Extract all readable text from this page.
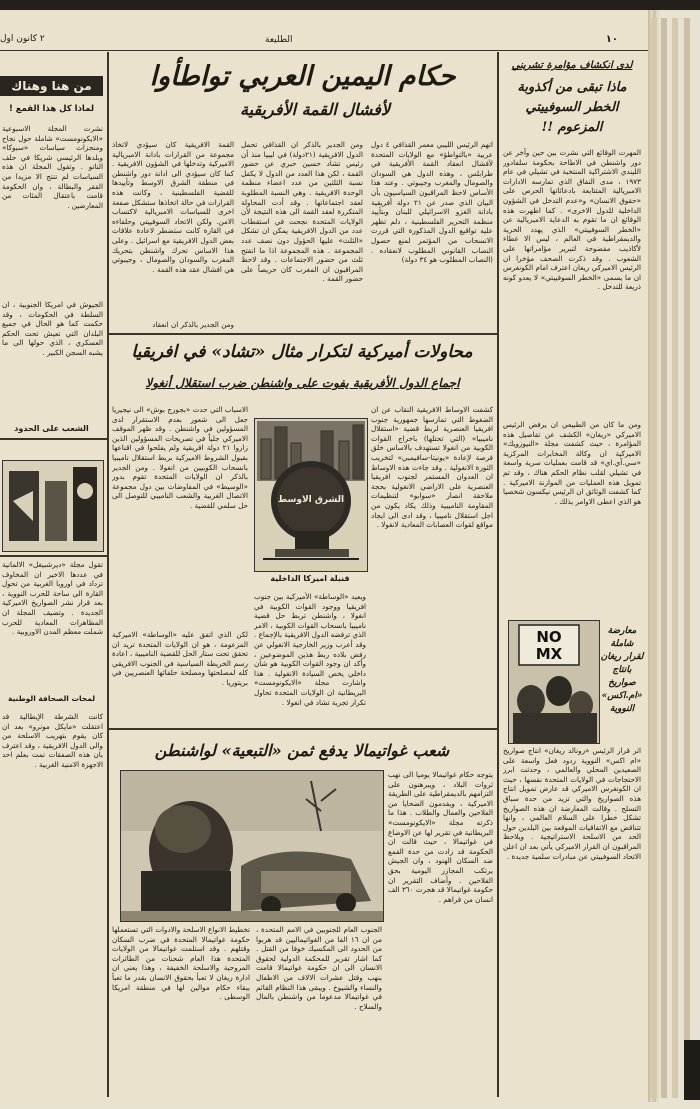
١٠
الطليعة
٢ كانون اول
حكام اليمين العربي تواطأوا
لأفشال القمة الأفريقية
اتهم الرئيس الليبي معمر القذافي ٤ دول عربية «بالتواطؤ» مع الولايات المتحدة لأفشال انعقاد القمة الأفريقية في طرابلس ، وهذه الدول هي السودان والصومال والمغرب وجيبوتي . وعند هذا الأساس لاحظ المراقبون السياسيون بأن البيان الذي صدر عن ٢١ دولة أفريقية بادانة الغزو الاسرائيلي للبنان وبتأييد منظمة التحرير الفلسطينية ، دلم تظهر عليه تواقيع الدول المذكورة التي قررت الانسحاب من المؤتمر لمنع حصول النصاب القانوني المطلوب لانعقاده . (النصاب المطلوب هو ٣٤ دولة)
ومن الجدير بالذكر ان القذافي تحمل الدول الافريقية (٢١دولة) في ليبيا منذ أن رئيس تشاد حسين حبري عن حضور القمة ، لكن هذا العدد من الدول لا يكفل نسبة الثلثين من عدد اعضاء منظمة الوحدة الافريقية . وهي النسبة المطلوبة لعقد اجتماعاتها . وقد أدت المحاولة المتكررة لعقد القمة الى هذه النتيجة لأن الولايات المتحدة نجحت في استقطاب عدد من الدول الافريقية يمكن ان تشكل «الثلث» عليها الحؤول دون نصف عدد المجموعة . هذه المجموعة اذا ما انفتح ثلث من حضور الاجتماعات . وقد لاحظ المراقبون ان المغرب كان حريصاً على حضور القمة .
القمة الافريقية كان سيؤدي لاتخاذ مجموعة من القرارات بادانة الامبريالية الاميركية وتدخلها في الشؤون الافريقية . كما كان سيؤدي الى ادانة دور واشنطن في منطقة الشرق الاوسط وتأييدها للقضية الفلسطينية ، وكانت هذه القرارات في حالة اتخاذها ستشكل صفعة اخرى للسياسات الامبريالية لاكتساب الامن. ولكن الاتحاد السوفييتي وحلفاءه في القارة كانت ستضطر لاعادة علاقات بعض الدول الافريقية مع اسرائيل . وعلى هذا الاساس تحرك واشنطن بتحريك المغرب والسودان والصومال ، وجيبوتي هي افشال عقد هذه القمة .
ومن الجدير بالذكر ان انعقاد
محاولات أميركية لتكرار مثال «تشاد» في افريقيا
اجماع الدول الأفريقية يفوت على واشنطن ضرب استقلال أنغولا
كشفت الاوساط الافريقية النقاب عن ان الضغوط التي تمارسها جمهورية جنوب افريقيا العنصرية لربط قضية «استقلال ناميبيا» (التي تحتلها) باخراج القوات الكوبية من انغولا تستهدف بالاساس خلق فرصة لإعادة «يونيتا-سافيمبي» لتخريب الثورة الانغولية . وقد جاءت هذه الاوساط ان العدوان المستمر لجنوب افريقيا العنصرية على الاراضي الانغولية بحجة ملاحقة انصار «سوابو» لتنظيمات المقاومة الناميبية وذلك يكاد يكون من اجل استقلال ناميبيا ، وقد ادى الى ايجاد مواقع لقوات العصابات المعادية لانغولا .
الشرق الاوسط
قنبلة اميركا الداخلية
ويعيد «الوساطة» الأميركية بين جنوب افريقيا ووجود القوات الكوبية في انغولا ، واشنطن تربط حل قضية ناميبيا بانسحاب القوات الكوبية ، الامر الذي ترفضه الدول الافريقية بالإجماع . وقد أعرب وزير الخارجية الانغولي عن رفض بلاده ربط هذين الموضوعين ، وأكد ان وجود القوات الكوبية هو شأن داخلي يخص السيادة الانغولية . هذا واشارت مجلة «الايكونومست» البريطانية ان الولايات المتحدة تحاول تكرار تجربة تشاد في انغولا .
الاسباب التي حدت «بجورج بوش» الى نيجيريا جعل الى شعور بعدم الاستقرار لدى المسؤولين في واشنطن . وقد ظهر الموقف الاميركي جلياً في تصريحات المسؤولين الذين زاروا ٢١ دولة افريقية ولم يفلحوا في اقناعها بقبول الشروط الاميركية بربط استقلال ناميبيا بانسحاب الكوبيين من انغولا . ومن الجدير بالذكر ان الولايات المتحدة تقوم بدور «الوسيط» في المفاوضات بين دول مجموعة الاتصال الغربية والشعب الناميبي للتوصل الى حل سلمي للقضية .
لكن الذي اتفق عليه «الوساطة» الاميركية المزعومة ، هو ان الولايات المتحدة تريد ان تحقق تحت ستار الحل للقضية الناميبية ، اعادة رسم الخريطة السياسية في الجنوب الافريقي كله لمصلحتها ومصلحة حلفائها العنصريين في بريتوريا .
شعب غواتيمالا يدفع ثمن «التبعية» لواشنطن
يتوجه حكام غواتيمالا يوميا الى نهب ثروات البلاد ، ويبرهنون على التزامهم بالديمقراطية على الطريقة الاميركية ، ويقدمون الضحايا من الفلاحين والعمال والطلاب . هذا ما ذكرته مجلة «الايكونومست» البريطانية في تقرير لها عن الاوضاع في غواتيمالا ، حيث قالت ان الحكومة قد زادت من حدة القمع ضد السكان الهنود ، وان الجيش يرتكب المجازر اليومية بحق الفلاحين . وأضاف التقرير ان حكومة غواتيمالا قد هجرت ٣٦٠ الف انسان من قراهم .
الجنوب العام للجنوبين في الامم المتحدة ، من ان ١٦ الفا من الغواتيماليين قد هربوا من الحدود الى المكسيك خوفا من القتل . كما اشار تقرير للمحكمة الدولية لحقوق الانسان الى ان حكومة غواتيمالا قامت بنهب وقتل عشرات الالاف من الاطفال والنساء والشيوخ . ويبقى هذا النظام القائم في غواتيمالا مدعوما من واشنطن بالمال والسلاح .
تخطيط الانواع الاسلحة والادوات التي تستعملها حكومة غواتيمالا المتحدة في ضرب السكان وقتلهم . وقد استلمت غواتيمالا من الولايات المتحدة هذا العام شحنات من الطائرات المروحية والاسلحة الخفيفة ، وهذا يعني ان ادارة ريغان لا تعبأ بحقوق الانسان بقدر ما تعبأ ببقاء حكام موالين لها في منطقة امريكا الوسطى .
لدى انكشاف مؤامرة تشريني
ماذا تبقى من أكذوبة الخطر السوفييتي المزعوم !!
المهرت الوقائع التي نشرت بين حين وآخر عن دور واشنطن في الاطاحة بحكومة سلفادور الليندي الاشتراكية المنتخبة في تشيلي في عام ١٩٧٣ ، مدى النفاق الذي تمارسه الادارات الامبريالية المتتابعة بادعائاتها الحرص على «حقوق الانسان» و«عدم التدخل في الشؤون الداخلية للدول الاخرى» . كما اظهرت هذه الوقائع ان ما تقوم به الدعاية الامبريالية عن «الخطر السوفييتي» الذي يهدد الحرية والديمقراطية في العالم ، ليس الا غطاء لأكاذيب مفضوحة لتبرير مؤامراتها على الشعوب . وقد ذكرت الصحف مؤخرا ان الرئيس الاميركي ريغان اعترف امام الكونغرس ان ما يسمى «الخطر السوفييتي» لا يعدو كونه ذريعة للتدخل .
ومن ما كان من الطبيعي ان يرفض الرئيس الاميركي «ريغان» الكشف عن تفاصيل هذه المؤامرة ، حيث كشفت مجلة «النيوزويك» الاميركية ان وكالة المخابرات المركزية «سي.آي.اي» قد قامت بعمليات سرية واسعة في تشيلي لقلب نظام الحكم هناك ، وقد تم تمويل هذه العمليات من الموازنة الاميركية . كما كشفت الوثائق ان الرئيس نيكسون شخصيا هو الذي اعطى الاوامر بذلك .
NO MX
معارضة شاملة لقرار ريغان بانتاج صواريخ «ام.اكس» النووية
اثر قرار الرئيس «رونالد ريغان» انتاج صواريخ «ام اكس» النووية ردود فعل واسعة على الصعيدين المحلي والعالمي ، وحدثت ابرز الاحتجاجات في الولايات المتحدة نفسها ، حيث ان الكونغرس الاميركي قد عارض تمويل انتاج هذه الصواريخ والتي تزيد من حدة سباق التسلح . وقالت المعارضة ان هذه الصواريخ تشكل خطرا على السلام العالمي ، وانها تتناقض مع الاتفاقيات الموقعة بين البلدين حول الحد من الاسلحة الاستراتيجية . ويلاحظ المراقبون ان القرار الاميركي يأتي بعد ان اعلن الاتحاد السوفييتي عن مبادرات سلمية جديدة .
من هنا وهناك
لماذا كل هذا القمع !
نشرت المجلة الاسبوعية «الايكونومست» شاملة حول نجاح ومنجزات سياسات «سبوكا» وبلدها الرئيسي شريكا في حلف الناتو . وتقول المجلة ان هذه السياسات لم تنتج الا مزيدا من الفقر والبطالة ، وان الحكومة قامت باعتقال المئات من المعارضين .
الجيوش في امريكا الجنوبية ، ان السلطة في الحكومات ، وقد حكمت كما هو الحال في جميع البلدان التي تعيش تحت الحكم العسكري ، الذي حولها الى ما يشبه السجن الكبير .
الشعب على الحدود
تقول مجلة «ديرشبيغل» الالمانية في عددها الاخير ان المخاوف تزداد في اوروبا الغربية من تحول القارة الى ساحة للحرب النووية ، بعد قرار نشر الصواريخ الاميركية الجديدة . وتضيف المجلة ان المظاهرات المعادية للحرب شملت معظم المدن الاوروبية .
لمحات الصحافة الوطنية
كانت الشرطة الإيطالية قد اعتقلت «مايكل مونرو» بعد ان كان يقوم بتهريب الاسلحة من والى الدول الافريقية ، وقد اعترف بان هذه الصفقات تمت بعلم احد الاجهزة الامنية الغربية .
